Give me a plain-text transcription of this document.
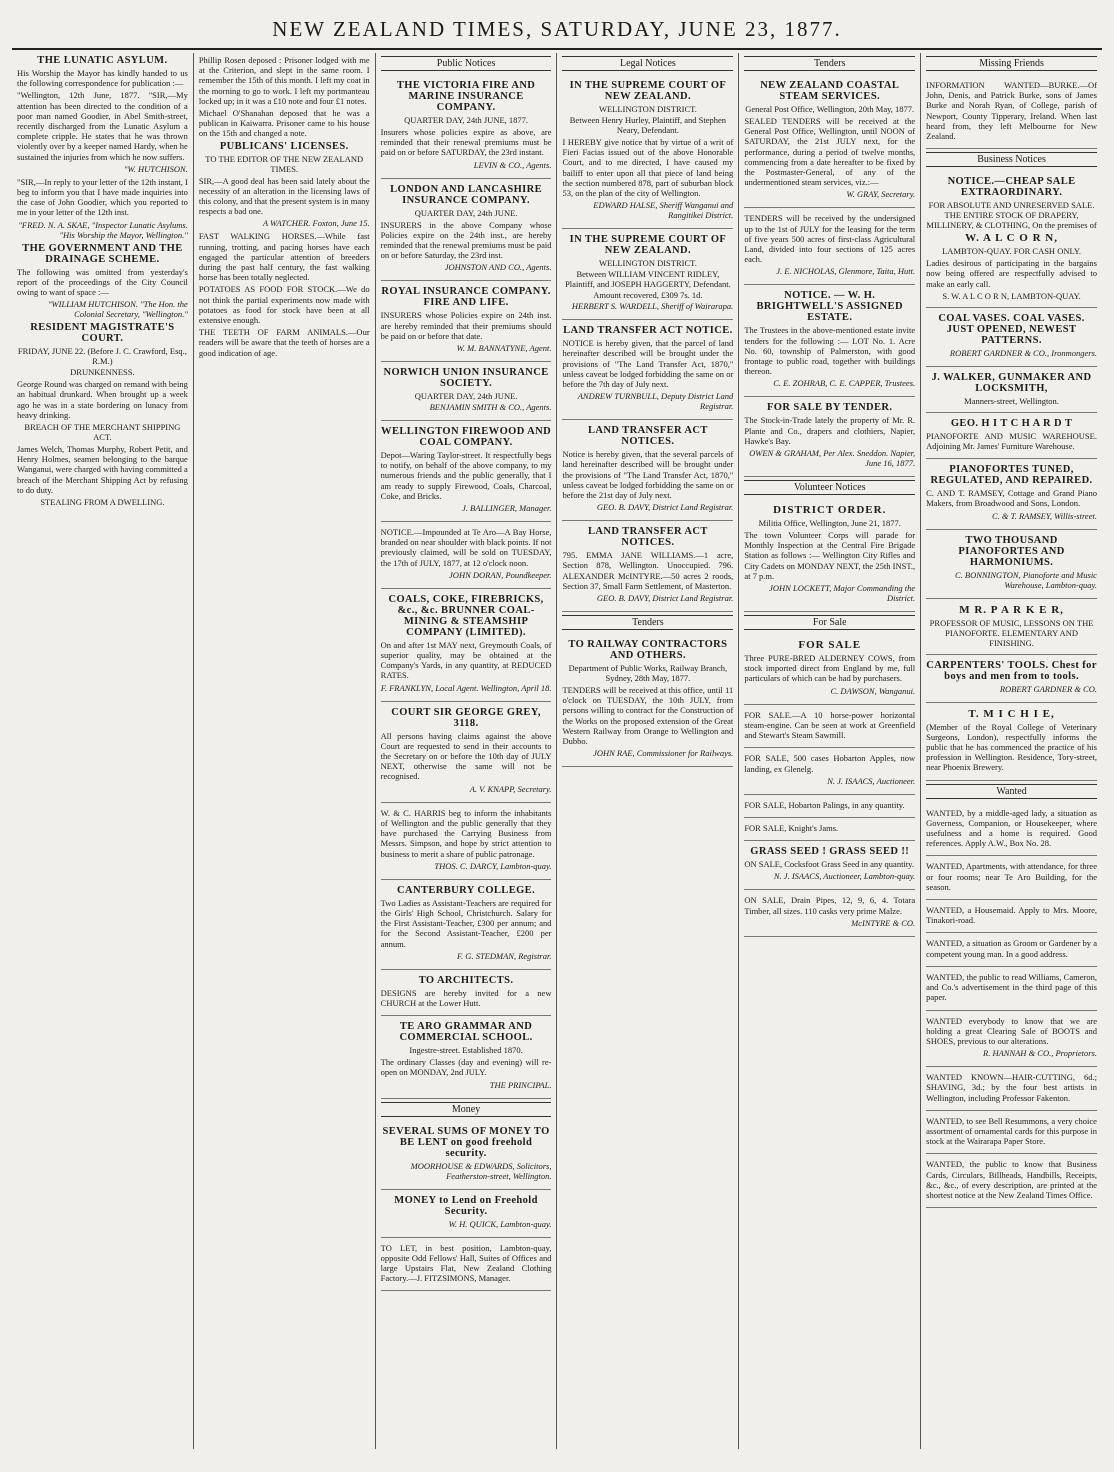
NEW ZEALAND TIMES, SATURDAY, JUNE 23, 1877.
THE LUNATIC ASYLUM.
His Worship the Mayor has kindly handed to us the following correspondence for publication :—
"Wellington, 12th June, 1877. "SIR,—My attention has been directed to the condition of a poor man named Goodier, in Abel Smith-street, recently discharged from the Lunatic Asylum a complete cripple. He states that he was thrown violently over by a keeper named Hardy, when he sustained the injuries from which he now suffers.
"W. HUTCHISON.
"SIR,—In reply to your letter of the 12th instant, I beg to inform you that I have made inquiries into the case of John Goodier, which you reported to me in your letter of the 12th inst.
"FRED. N. A. SKAE, "Inspector Lunatic Asylums. "His Worship the Mayor, Wellington."
THE GOVERNMENT AND THE DRAINAGE SCHEME.
The following was omitted from yesterday's report of the proceedings of the City Council owing to want of space :—
"WILLIAM HUTCHISON. "The Hon. the Colonial Secretary, "Wellington."
RESIDENT MAGISTRATE'S COURT.
FRIDAY, JUNE 22. (Before J. C. Crawford, Esq., R.M.)
DRUNKENNESS.
George Round was charged on remand with being an habitual drunkard. When brought up a week ago he was in a state bordering on lunacy from heavy drinking.
BREACH OF THE MERCHANT SHIPPING ACT.
James Welch, Thomas Murphy, Robert Petit, and Henry Holmes, seamen belonging to the barque Wanganui, were charged with having committed a breach of the Merchant Shipping Act by refusing to do duty.
STEALING FROM A DWELLING.
Phillip Rosen deposed : Prisoner lodged with me at the Criterion, and slept in the same room. I remember the 15th of this month. I left my coat in the morning to go to work. I left my portmanteau locked up; in it was a £10 note and four £1 notes.
Michael O'Shanahan deposed that he was a publican in Kaiwarra. Prisoner came to his house on the 15th and changed a note.
PUBLICANS' LICENSES.
TO THE EDITOR OF THE NEW ZEALAND TIMES.
SIR,—A good deal has been said lately about the necessity of an alteration in the licensing laws of this colony, and that the present system is in many respects a bad one.
A WATCHER. Foxton, June 15.
FAST WALKING HORSES.—While fast running, trotting, and pacing horses have each engaged the particular attention of breeders during the past half century, the fast walking horse has been totally neglected.
POTATOES AS FOOD FOR STOCK.—We do not think the partial experiments now made with potatoes as food for stock have been at all extensive enough.
THE TEETH OF FARM ANIMALS.—Our readers will be aware that the teeth of horses are a good indication of age.
Public Notices
THE VICTORIA FIRE AND MARINE INSURANCE COMPANY.
QUARTER DAY, 24th JUNE, 1877.
Insurers whose policies expire as above, are reminded that their renewal premiums must be paid on or before SATURDAY, the 23rd instant.
LEVIN & CO., Agents.
LONDON AND LANCASHIRE INSURANCE COMPANY.
QUARTER DAY, 24th JUNE.
INSURERS in the above Company whose Policies expire on the 24th inst., are hereby reminded that the renewal premiums must be paid on or before Saturday, the 23rd inst.
JOHNSTON AND CO., Agents.
ROYAL INSURANCE COMPANY. FIRE AND LIFE.
INSURERS whose Policies expire on 24th inst. are hereby reminded that their premiums should be paid on or before that date.
W. M. BANNATYNE, Agent.
NORWICH UNION INSURANCE SOCIETY.
QUARTER DAY, 24th JUNE.
BENJAMIN SMITH & CO., Agents.
WELLINGTON FIREWOOD AND COAL COMPANY.
Depot—Waring Taylor-street. It respectfully begs to notify, on behalf of the above company, to my numerous friends and the public generally, that I am ready to supply Firewood, Coals, Charcoal, Coke, and Bricks.
J. BALLINGER, Manager.
NOTICE.—Impounded at Te Aro—A Bay Horse, branded on near shoulder with black points. If not previously claimed, will be sold on TUESDAY, the 17th of JULY, 1877, at 12 o'clock noon.
JOHN DORAN, Poundkeeper.
COALS, COKE, FIREBRICKS, &c., &c. BRUNNER COAL-MINING & STEAMSHIP COMPANY (LIMITED).
On and after 1st MAY next, Greymouth Coals, of superior quality, may be obtained at the Company's Yards, in any quantity, at REDUCED RATES.
F. FRANKLYN, Local Agent. Wellington, April 18.
COURT SIR GEORGE GREY, 3118.
All persons having claims against the above Court are requested to send in their accounts to the Secretary on or before the 10th day of JULY NEXT, otherwise the same will not be recognised.
A. V. KNAPP, Secretary.
W. & C. HARRIS beg to inform the inhabitants of Wellington and the public generally that they have purchased the Carrying Business from Messrs. Simpson, and hope by strict attention to business to merit a share of public patronage.
THOS. C. DARCY, Lambton-quay.
CANTERBURY COLLEGE.
Two Ladies as Assistant-Teachers are required for the Girls' High School, Christchurch. Salary for the First Assistant-Teacher, £300 per annum; and for the Second Assistant-Teacher, £200 per annum.
F. G. STEDMAN, Registrar.
TO ARCHITECTS.
DESIGNS are hereby invited for a new CHURCH at the Lower Hutt.
TE ARO GRAMMAR AND COMMERCIAL SCHOOL.
Ingestre-street. Established 1870.
The ordinary Classes (day and evening) will re-open on MONDAY, 2nd JULY.
THE PRINCIPAL.
Money
SEVERAL SUMS OF MONEY TO BE LENT on good freehold security.
MOORHOUSE & EDWARDS, Solicitors, Featherston-street, Wellington.
MONEY to Lend on Freehold Security.
W. H. QUICK, Lambton-quay.
TO LET, in best position, Lambton-quay, opposite Odd Fellows' Hall, Suites of Offices and large Upstairs Flat, New Zealand Clothing Factory.—J. FITZSIMONS, Manager.
Legal Notices
IN THE SUPREME COURT OF NEW ZEALAND.
WELLINGTON DISTRICT.
Between Henry Hurley, Plaintiff, and Stephen Neary, Defendant.
I HEREBY give notice that by virtue of a writ of Fieri Facias issued out of the above Honorable Court, and to me directed, I have caused my bailiff to enter upon all that piece of land being the section numbered 878, part of suburban block 53, on the plan of the city of Wellington.
EDWARD HALSE, Sheriff Wanganui and Rangitikei District.
IN THE SUPREME COURT OF NEW ZEALAND.
WELLINGTON DISTRICT.
Between WILLIAM VINCENT RIDLEY, Plaintiff, and JOSEPH HAGGERTY, Defendant.
Amount recovered, £309 7s. 1d.
HERBERT S. WARDELL, Sheriff of Wairarapa.
LAND TRANSFER ACT NOTICE.
NOTICE is hereby given, that the parcel of land hereinafter described will be brought under the provisions of "The Land Transfer Act, 1870," unless caveat be lodged forbidding the same on or before the 7th day of July next.
ANDREW TURNBULL, Deputy District Land Registrar.
LAND TRANSFER ACT NOTICES.
Notice is hereby given, that the several parcels of land hereinafter described will be brought under the provisions of "The Land Transfer Act, 1870," unless caveat be lodged forbidding the same on or before the 21st day of July next.
GEO. B. DAVY, District Land Registrar.
LAND TRANSFER ACT NOTICES.
795. EMMA JANE WILLIAMS.—1 acre, Section 878, Wellington. Unoccupied. 796. ALEXANDER McINTYRE.—50 acres 2 roods, Section 37, Small Farm Settlement, of Masterton.
GEO. B. DAVY, District Land Registrar.
Tenders
TO RAILWAY CONTRACTORS AND OTHERS.
Department of Public Works, Railway Branch, Sydney, 28th May, 1877.
TENDERS will be received at this office, until 11 o'clock on TUESDAY, the 10th JULY, from persons willing to contract for the Construction of the Works on the proposed extension of the Great Western Railway from Orange to Wellington and Dubbo.
JOHN RAE, Commissioner for Railways.
Tenders
NEW ZEALAND COASTAL STEAM SERVICES.
General Post Office, Wellington, 20th May, 1877.
SEALED TENDERS will be received at the General Post Office, Wellington, until NOON of SATURDAY, the 21st JULY next, for the performance, during a period of twelve months, commencing from a date hereafter to be fixed by the Postmaster-General, of any of the undermentioned steam services, viz.:—
W. GRAY, Secretary.
TENDERS will be received by the undersigned up to the 1st of JULY for the leasing for the term of five years 500 acres of first-class Agricultural Land, divided into four sections of 125 acres each.
J. E. NICHOLAS, Glenmore, Taita, Hutt.
NOTICE. — W. H. BRIGHTWELL'S ASSIGNED ESTATE.
The Trustees in the above-mentioned estate invite tenders for the following :— LOT No. 1. Acre No. 60, township of Palmerston, with good frontage to public road, together with buildings thereon.
C. E. ZOHRAB, C. E. CAPPER, Trustees.
FOR SALE BY TENDER.
The Stock-in-Trade lately the property of Mr. R. Plante and Co., drapers and clothiers, Napier, Hawke's Bay.
OWEN & GRAHAM, Per Alex. Sneddon. Napier, June 16, 1877.
Volunteer Notices
DISTRICT ORDER.
Militia Office, Wellington, June 21, 1877.
The town Volunteer Corps will parade for Monthly Inspection at the Central Fire Brigade Station as follows :— Wellington City Rifles and City Cadets on MONDAY NEXT, the 25th INST., at 7 p.m.
JOHN LOCKETT, Major Commanding the District.
For Sale
FOR SALE
Three PURE-BRED ALDERNEY COWS, from stock imported direct from England by me, full particulars of which can be had by purchasers.
C. DAWSON, Wanganui.
FOR SALE.—A 10 horse-power horizontal steam-engine. Can be seen at work at Greenfield and Stewart's Steam Sawmill.
FOR SALE, 500 cases Hobarton Apples, now landing, ex Glenelg.
N. J. ISAACS, Auctioneer.
FOR SALE, Hobarton Palings, in any quantity.
FOR SALE, Knight's Jams.
GRASS SEED ! GRASS SEED !!
ON SALE, Cocksfoot Grass Seed in any quantity.
N. J. ISAACS, Auctioneer, Lambton-quay.
ON SALE, Drain Pipes, 12, 9, 6, 4. Totara Timber, all sizes. 110 casks very prime Malze.
McINTYRE & CO.
Missing Friends
INFORMATION WANTED—BURKE.—Of John, Denis, and Patrick Burke, sons of James Burke and Norah Ryan, of College, parish of Newport, County Tipperary, Ireland. When last heard from, they left Melbourne for New Zealand.
Business Notices
NOTICE.—CHEAP SALE EXTRAORDINARY.
FOR ABSOLUTE AND UNRESERVED SALE. THE ENTIRE STOCK OF DRAPERY, MILLINERY, & CLOTHING, On the premises of
W. A L C O R N,
LAMBTON-QUAY. FOR CASH ONLY.
Ladies desirous of participating in the bargains now being offered are respectfully advised to make an early call.
S. W. A L C O R N, LAMBTON-QUAY.
COAL VASES. COAL VASES. JUST OPENED, NEWEST PATTERNS.
ROBERT GARDNER & CO., Ironmongers.
J. WALKER, GUNMAKER AND LOCKSMITH,
Manners-street, Wellington.
GEO. H I T C H A R D T
PIANOFORTE AND MUSIC WAREHOUSE. Adjoining Mr. James' Furniture Warehouse.
PIANOFORTES TUNED, REGULATED, AND REPAIRED.
C. AND T. RAMSEY, Cottage and Grand Piano Makers, from Broadwood and Sons, London.
C. & T. RAMSEY, Willis-street.
TWO THOUSAND PIANOFORTES AND HARMONIUMS.
C. BONNINGTON, Pianoforte and Music Warehouse, Lambton-quay.
M R. P A R K E R,
PROFESSOR OF MUSIC, LESSONS ON THE PIANOFORTE. ELEMENTARY AND FINISHING.
CARPENTERS' TOOLS. Chest for boys and men from to tools.
ROBERT GARDNER & CO.
T. M I C H I E,
(Member of the Royal College of Veterinary Surgeons, London), respectfully informs the public that he has commenced the practice of his profession in Wellington. Residence, Tory-street, near Phoenix Brewery.
Wanted
WANTED, by a middle-aged lady, a situation as Governess, Companion, or Housekeeper, where usefulness and a home is required. Good references. Apply A.W., Box No. 28.
WANTED, Apartments, with attendance, for three or four rooms; near Te Aro Building, for the season.
WANTED, a Housemaid. Apply to Mrs. Moore, Tinakori-road.
WANTED, a situation as Groom or Gardener by a competent young man. In a good address.
WANTED, the public to read Williams, Cameron, and Co.'s advertisement in the third page of this paper.
WANTED everybody to know that we are holding a great Clearing Sale of BOOTS and SHOES, previous to our alterations.
R. HANNAH & CO., Proprietors.
WANTED KNOWN—HAIR-CUTTING, 6d.; SHAVING, 3d.; by the four best artists in Wellington, including Professor Fakenton.
WANTED, to see Bell Resummons, a very choice assortment of ornamental cards for this purpose in stock at the Wairarapa Paper Store.
WANTED, the public to know that Business Cards, Circulars, Billheads, Handbills, Receipts, &c., &c., of every description, are printed at the shortest notice at the New Zealand Times Office.
